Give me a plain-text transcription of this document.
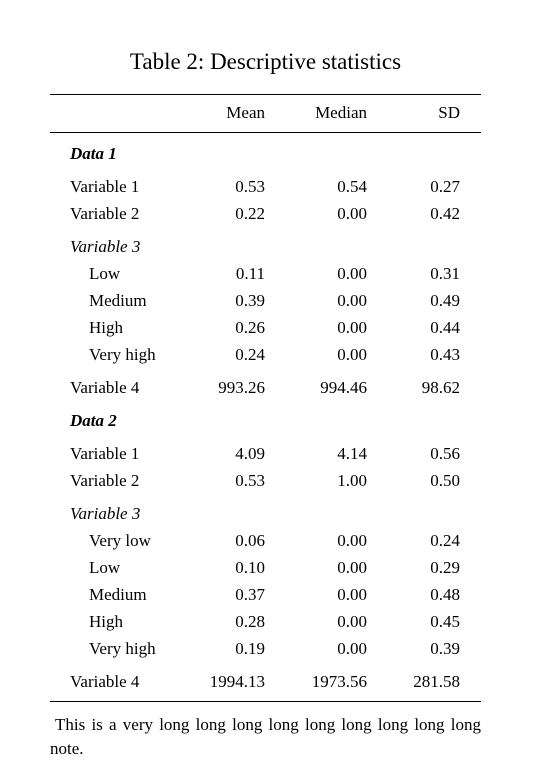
Table 2: Descriptive statistics
Mean	Median	SD
Data 1
Variable 1	0.53	0.54	0.27
Variable 2	0.22	0.00	0.42
Variable 3
Low	0.11	0.00	0.31
Medium	0.39	0.00	0.49
High	0.26	0.00	0.44
Very high	0.24	0.00	0.43
Variable 4	993.26	994.46	98.62
Data 2
Variable 1	4.09	4.14	0.56
Variable 2	0.53	1.00	0.50
Variable 3
Very low	0.06	0.00	0.24
Low	0.10	0.00	0.29
Medium	0.37	0.00	0.48
High	0.28	0.00	0.45
Very high	0.19	0.00	0.39
Variable 4	1994.13	1973.56	281.58
This is a very long long long long long long long long long note.
